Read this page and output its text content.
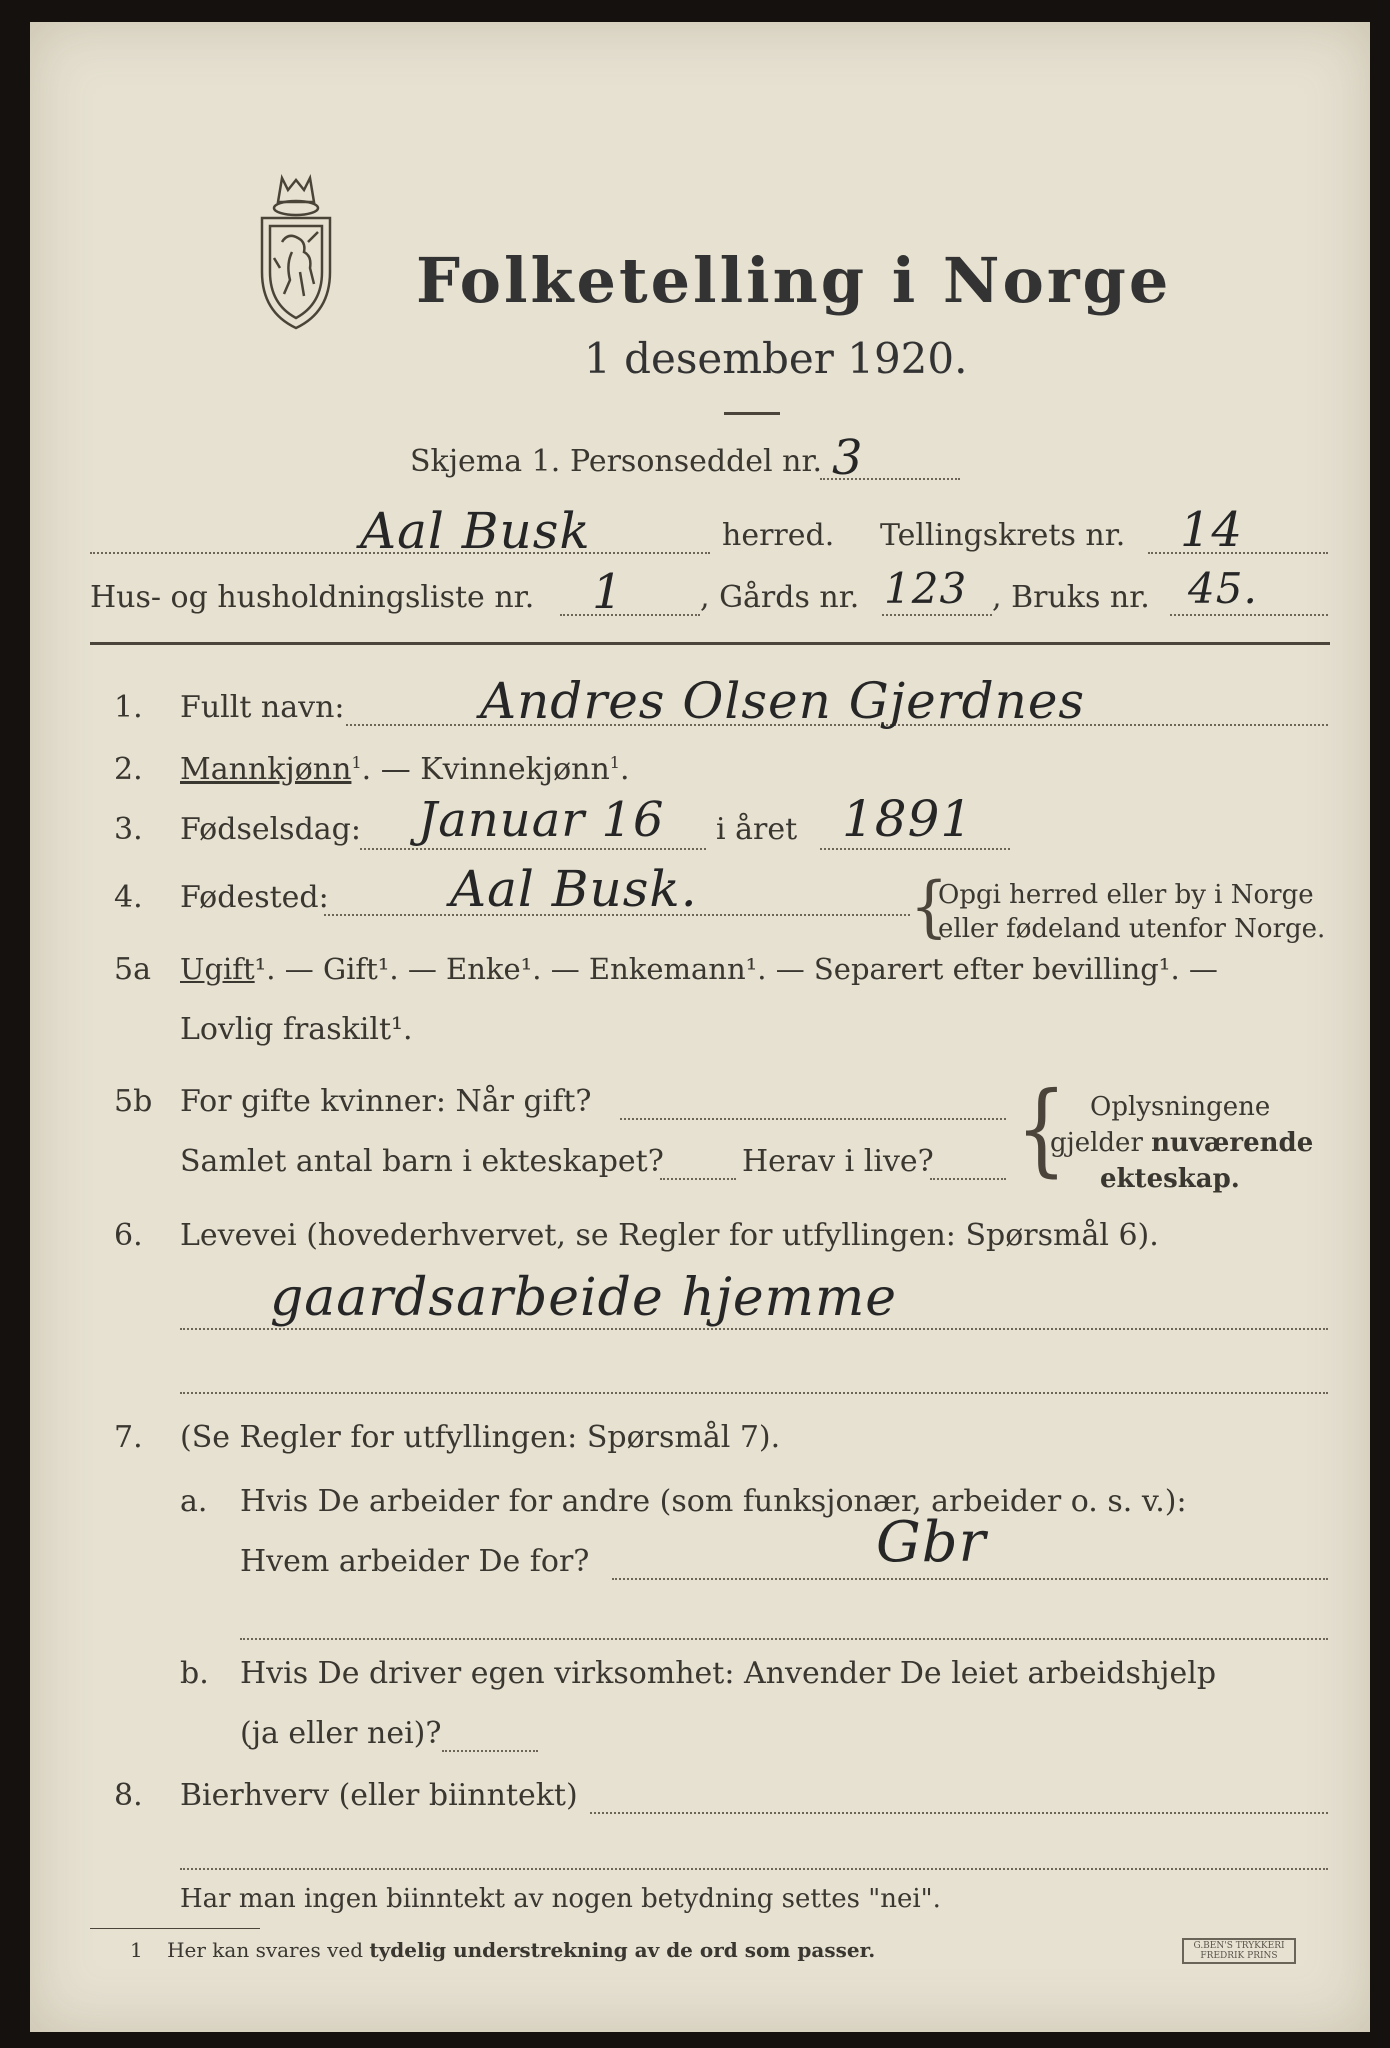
Folketelling i Norge
1 desember 1920.
Skjema 1. Personseddel nr. 3
Aal Busk	herred. Tellingskrets nr. 14
Hus- og husholdningsliste nr. 1	, Gårds nr. 123 , Bruks nr. 45.
1. Fullt navn:	Andres Olsen Gjerdnes
2. Mannkjønn$^1$. — Kvinnekjønn$^1$.
3. Fødselsdag: Januar 16 i året 1891
4. Fødested: Aal Busk.	{
Opgi herred eller by i Norge
eller fødeland utenfor Norge.
5a Ugift¹. — Gift¹. — Enke¹. — Enkemann¹. — Separert efter bevilling¹. —
Lovlig fraskilt¹.
5b For gifte kvinner: Når gift?
Samlet antal barn i ekteskapet?	Herav i live? { Oplysningene
gjelder nuværende
ekteskap.
6. Levevei (hovederhvervet, se Regler for utfyllingen: Spørsmål 6).
gaardsarbeide hjemme
7. (Se Regler for utfyllingen: Spørsmål 7).
a. Hvis De arbeider for andre (som funksjonær, arbeider o. s. v.):
Hvem arbeider De for?	Gbr
b. Hvis De driver egen virksomhet: Anvender De leiet arbeidshjelp
(ja eller nei)?
8. Bierhverv (eller biinntekt)
Har man ingen biinntekt av nogen betydning settes "nei".
1 Her kan svares ved tydelig understrekning av de ord som passer.	G.BEN'S TRYKKERI
FREDRIK PRINS
